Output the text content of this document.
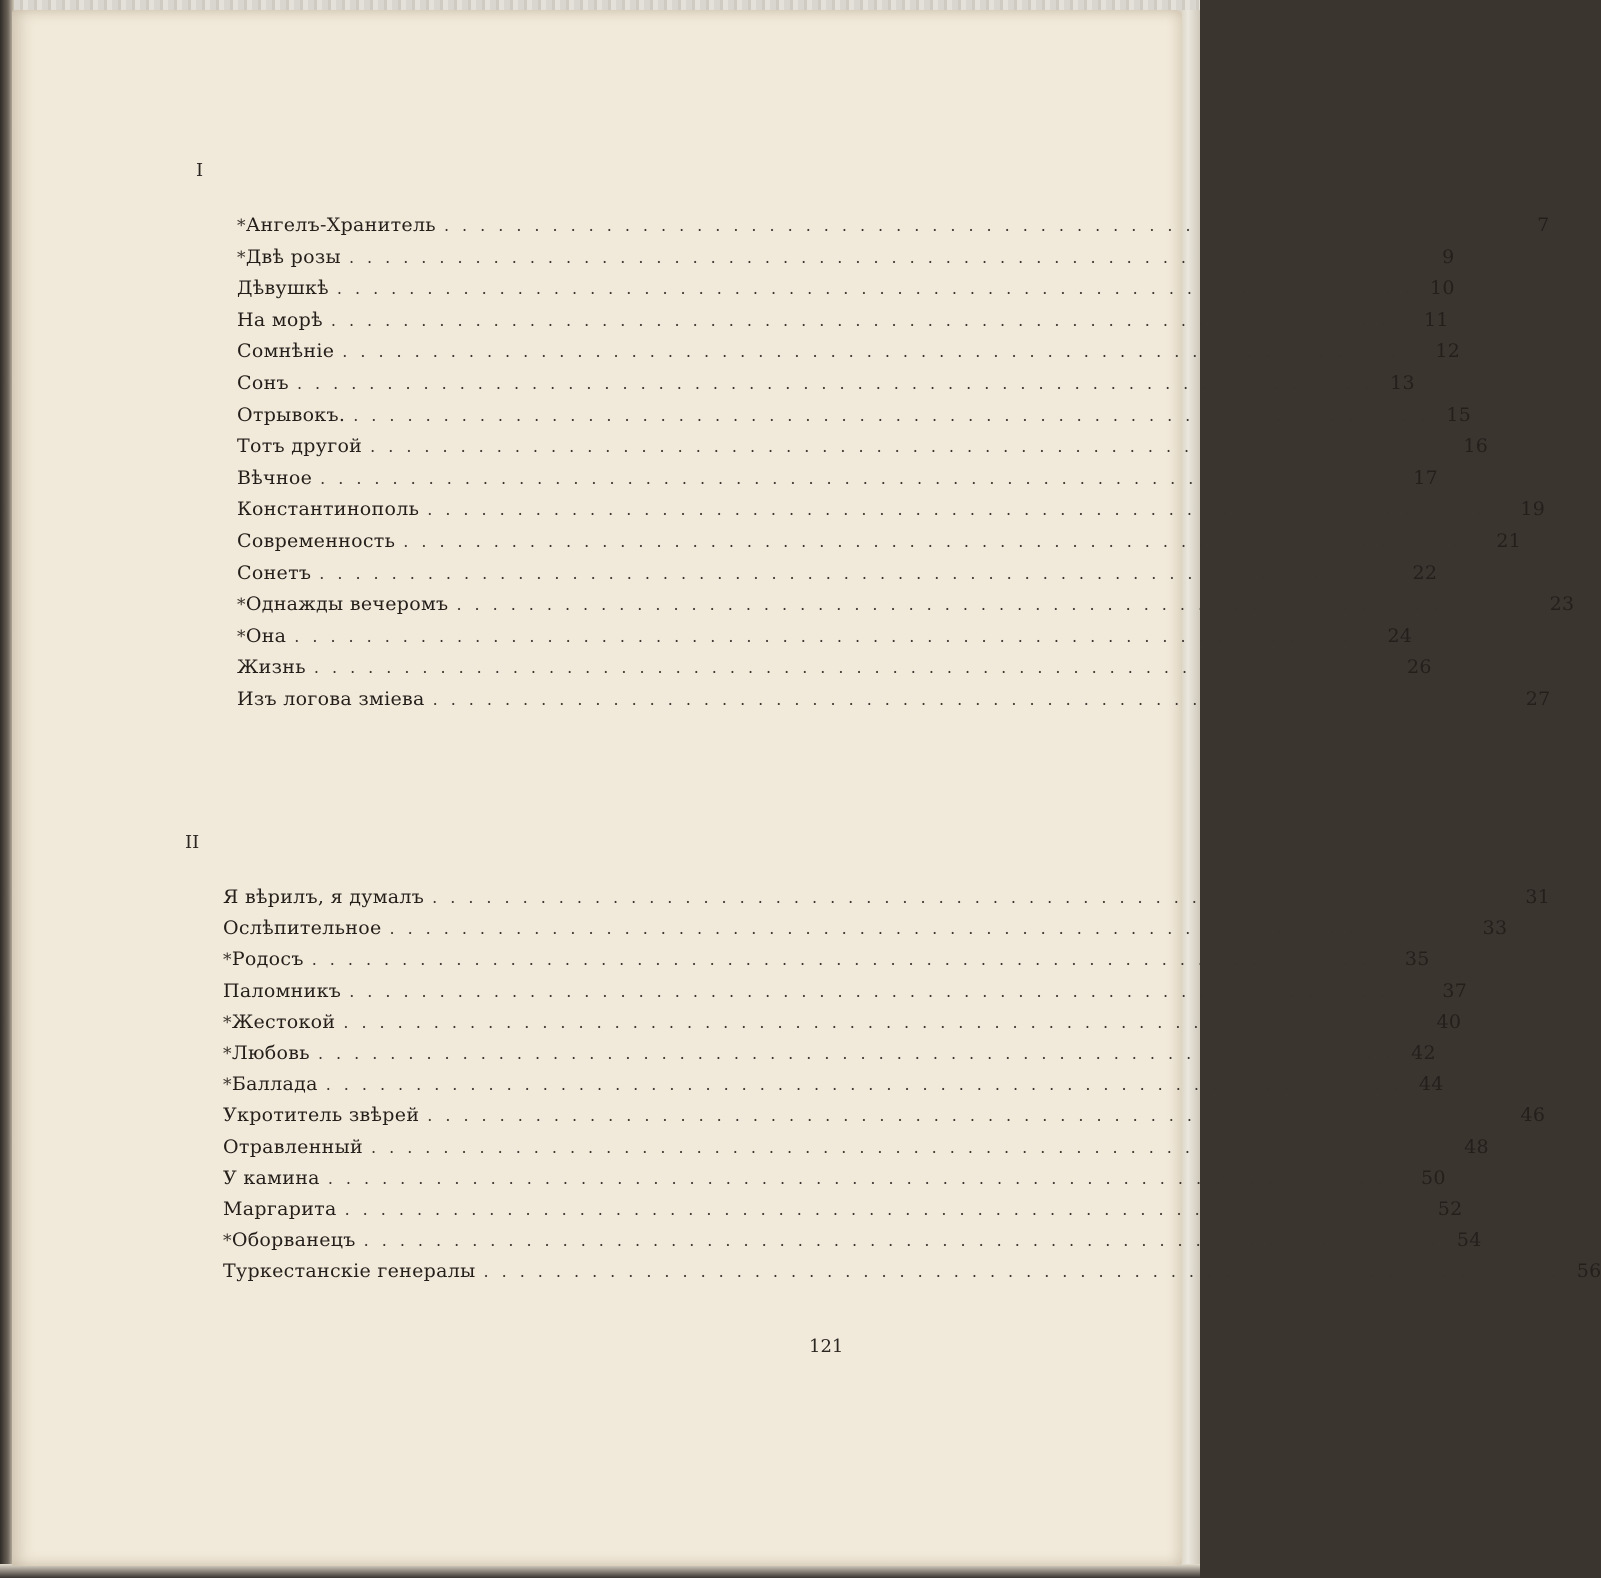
I
* Ангелъ-Хранитель ............................................................ 7
* Двѣ розы ............................................................ 9
Дѣвушкѣ ............................................................ 10
На морѣ ............................................................ 11
Сомнѣніе ............................................................ 12
Сонъ ............................................................ 13
Отрывокъ. ............................................................ 15
Тотъ другой ............................................................ 16
Вѣчное ............................................................ 17
Константинополь ............................................................ 19
Современность ............................................................ 21
Сонетъ ............................................................ 22
* Однажды вечеромъ ............................................................ 23
* Она ............................................................ 24
Жизнь ............................................................ 26
Изъ логова зміева ............................................................ 27
II
Я вѣрилъ, я думалъ ............................................................ 31
Ослѣпительное ............................................................ 33
* Родосъ ............................................................ 35
Паломникъ ............................................................ 37
* Жестокой ............................................................ 40
* Любовь ............................................................ 42
* Баллада ............................................................ 44
Укротитель звѣрей ............................................................ 46
Отравленный ............................................................ 48
У камина ............................................................ 50
Маргарита ............................................................ 52
* Оборванецъ ............................................................ 54
Туркестанскіе генералы ............................................................ 56
121
